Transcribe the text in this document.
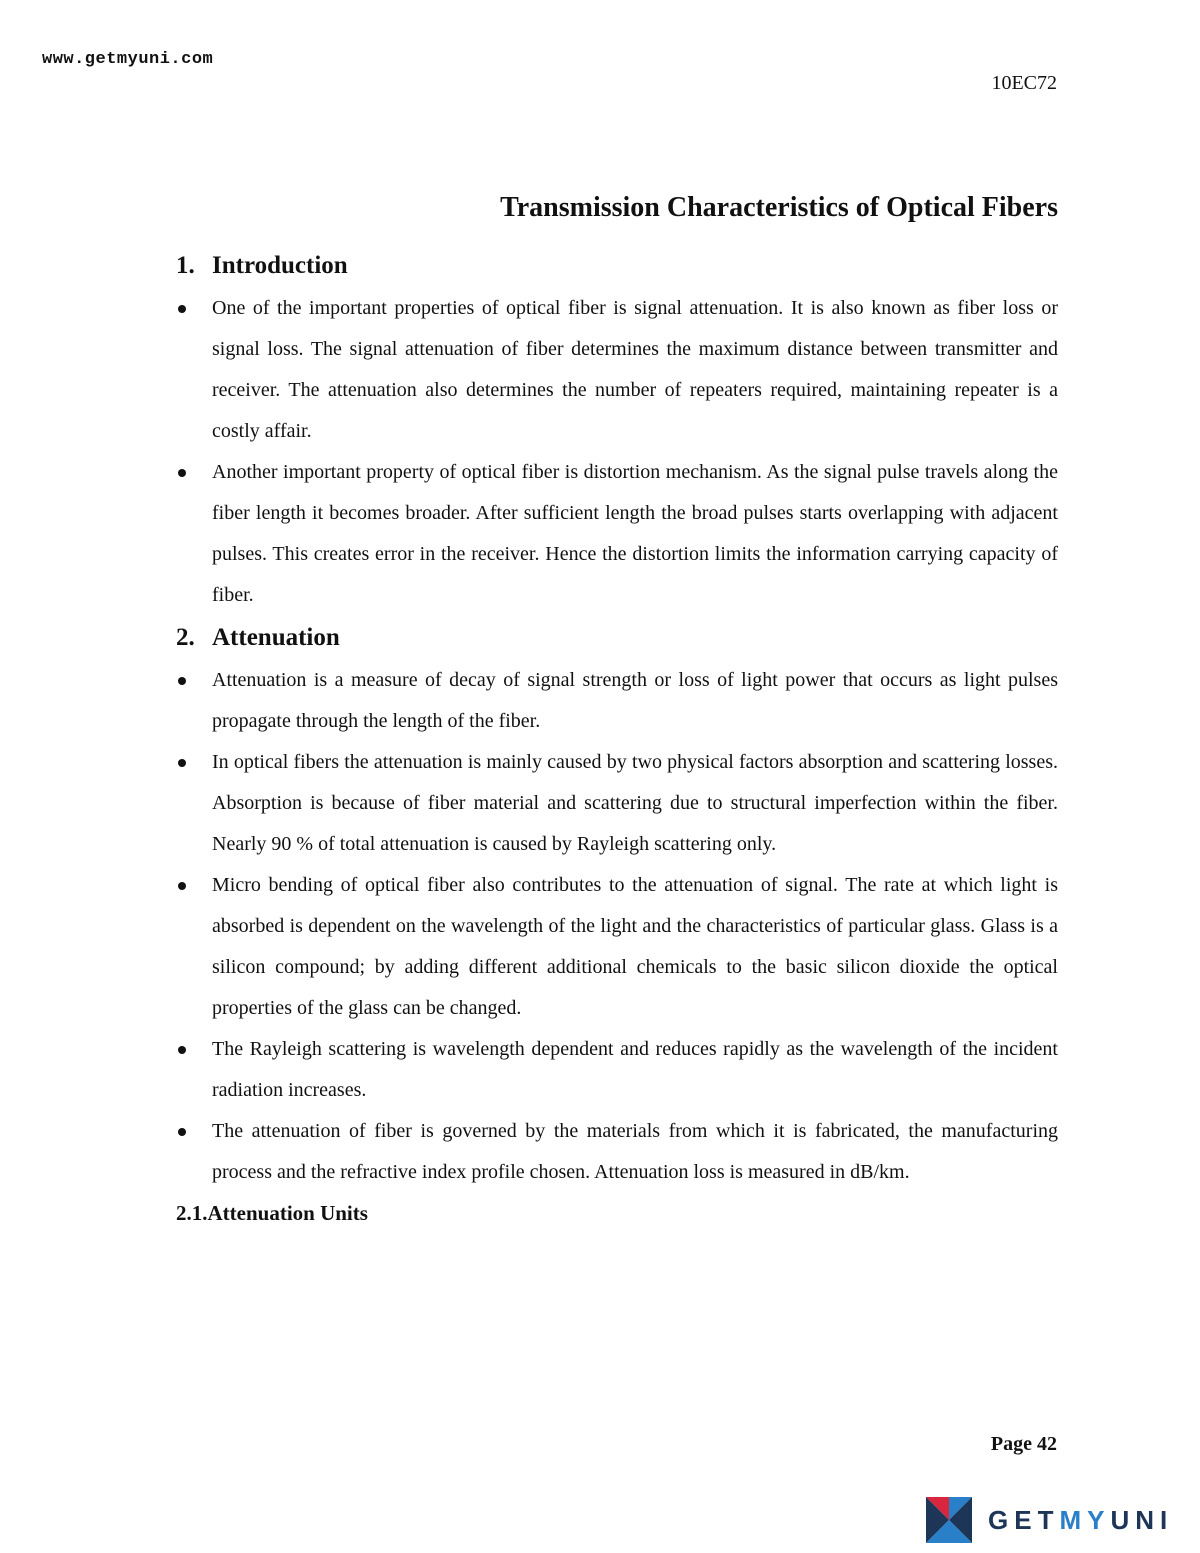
www.getmyuni.com
10EC72
Transmission Characteristics of Optical Fibers
1. Introduction
One of the important properties of optical fiber is signal attenuation. It is also known as fiber loss or signal loss. The signal attenuation of fiber determines the maximum distance between transmitter and receiver. The attenuation also determines the number of repeaters required, maintaining repeater is a costly affair.
Another important property of optical fiber is distortion mechanism. As the signal pulse travels along the fiber length it becomes broader. After sufficient length the broad pulses starts overlapping with adjacent pulses. This creates error in the receiver. Hence the distortion limits the information carrying capacity of fiber.
2. Attenuation
Attenuation is a measure of decay of signal strength or loss of light power that occurs as light pulses propagate through the length of the fiber.
In optical fibers the attenuation is mainly caused by two physical factors absorption and scattering losses. Absorption is because of fiber material and scattering due to structural imperfection within the fiber. Nearly 90 % of total attenuation is caused by Rayleigh scattering only.
Micro bending of optical fiber also contributes to the attenuation of signal. The rate at which light is absorbed is dependent on the wavelength of the light and the characteristics of particular glass. Glass is a silicon compound; by adding different additional chemicals to the basic silicon dioxide the optical properties of the glass can be changed.
The Rayleigh scattering is wavelength dependent and reduces rapidly as the wavelength of the incident radiation increases.
The attenuation of fiber is governed by the materials from which it is fabricated, the manufacturing process and the refractive index profile chosen. Attenuation loss is measured in dB/km.
2.1.Attenuation Units
Page 42
GETMYUNI
